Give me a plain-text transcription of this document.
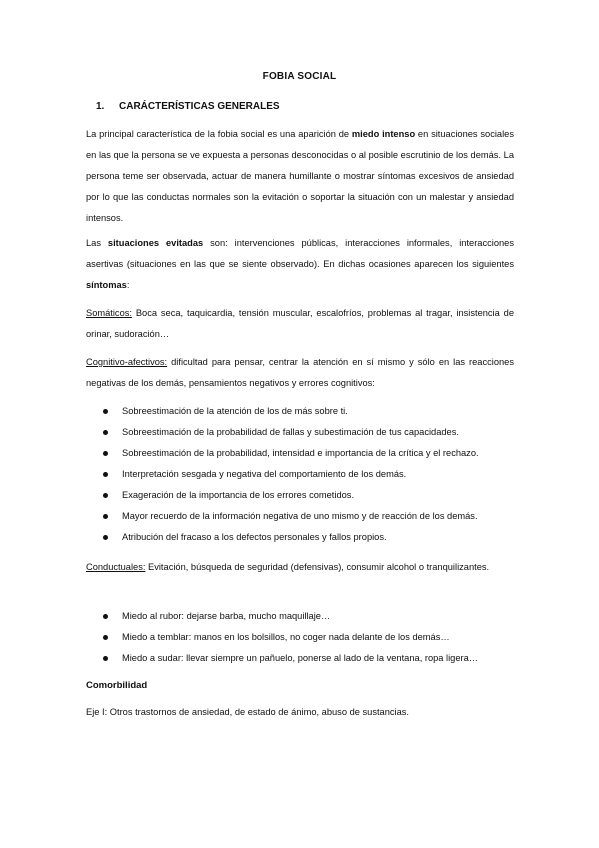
FOBIA SOCIAL
1. CARÁCTERÍSTICAS GENERALES

La principal característica de la fobia social es una aparición de miedo intenso en situaciones sociales en las que la persona se ve expuesta a personas desconocidas o al posible escrutinio de los demás. La persona teme ser observada, actuar de manera humillante o mostrar síntomas excesivos de ansiedad por lo que las conductas normales son la evitación o soportar la situación con un malestar y ansiedad intensos.

Las situaciones evitadas son: intervenciones públicas, interacciones informales, interacciones asertivas (situaciones en las que se siente observado). En dichas ocasiones aparecen los siguientes síntomas:

Somáticos: Boca seca, taquicardia, tensión muscular, escalofríos, problemas al tragar, insistencia de orinar, sudoración…

Cognitivo-afectivos: dificultad para pensar, centrar la atención en sí mismo y sólo en las reacciones negativas de los demás, pensamientos negativos y errores cognitivos:

Sobreestimación de la atención de los de más sobre ti.
Sobreestimación de la probabilidad de fallas y subestimación de tus capacidades.
Sobreestimación de la probabilidad, intensidad e importancia de la crítica y el rechazo.
Interpretación sesgada y negativa del comportamiento de los demás.
Exageración de la importancia de los errores cometidos.
Mayor recuerdo de la información negativa de uno mismo y de reacción de los demás.
Atribución del fracaso a los defectos personales y fallos propios.

Conductuales: Evitación, búsqueda de seguridad (defensivas), consumir alcohol o tranquilizantes.

Miedo al rubor: dejarse barba, mucho maquillaje…
Miedo a temblar: manos en los bolsillos, no coger nada delante de los demás…
Miedo a sudar: llevar siempre un pañuelo, ponerse al lado de la ventana, ropa ligera…
Comorbilidad
Eje I: Otros trastornos de ansiedad, de estado de ánimo, abuso de sustancias.
